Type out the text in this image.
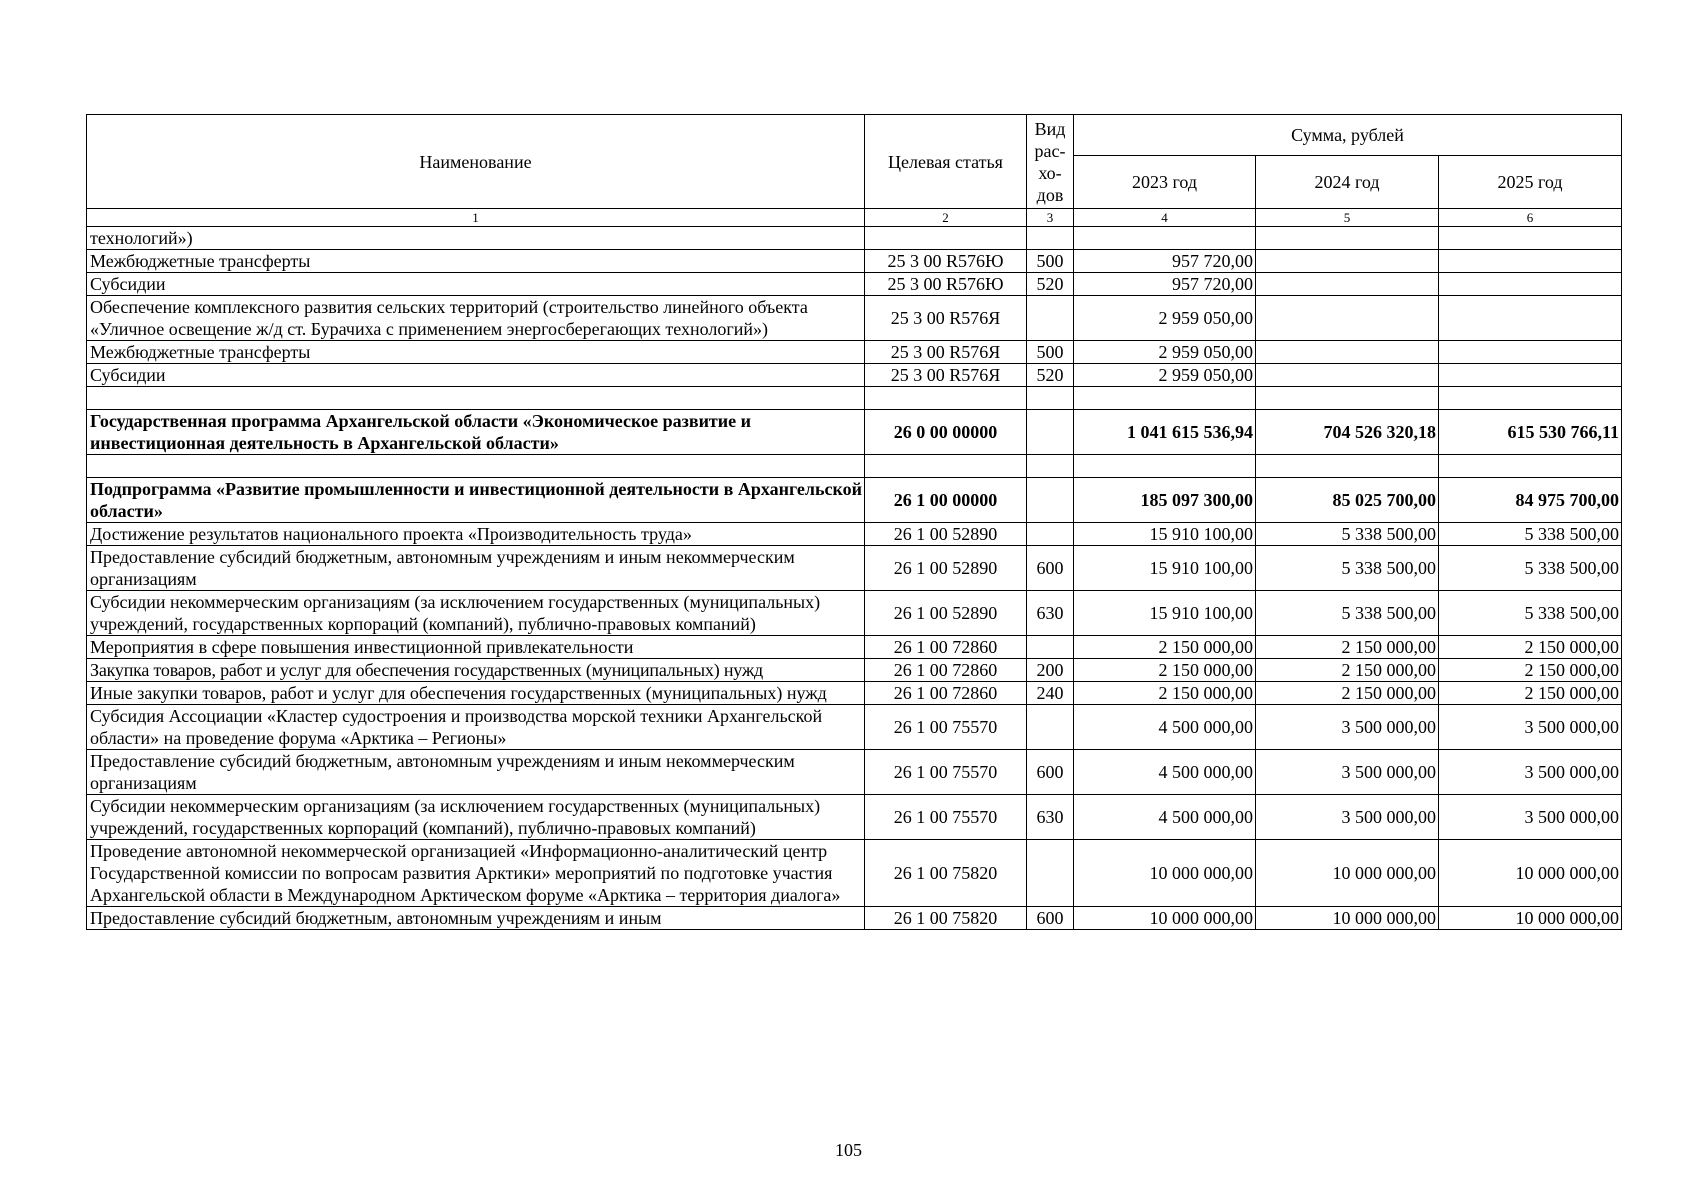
Наименование	Целевая статья	Вид рас-хо-дов	Сумма, рублей		
			2023 год	2024 год	2025 год
1	2	3	4	5	6
технологий»)					
Межбюджетные трансферты	25 3 00 R576Ю	500	957 720,00		
Субсидии	25 3 00 R576Ю	520	957 720,00		
Обеспечение комплексного развития сельских территорий (строительство линейного объекта «Уличное освещение ж/д ст. Бурачиха с применением энергосберегающих технологий»)	25 3 00 R576Я		2 959 050,00		
Межбюджетные трансферты	25 3 00 R576Я	500	2 959 050,00		
Субсидии	25 3 00 R576Я	520	2 959 050,00		

Государственная программа Архангельской области «Экономическое развитие и инвестиционная деятельность в Архангельской области»	26 0 00 00000		1 041 615 536,94	704 526 320,18	615 530 766,11

Подпрограмма «Развитие промышленности и инвестиционной деятельности в Архангельской области»	26 1 00 00000		185 097 300,00	85 025 700,00	84 975 700,00
Достижение результатов национального проекта «Производительность труда»	26 1 00 52890		15 910 100,00	5 338 500,00	5 338 500,00
Предоставление субсидий бюджетным, автономным учреждениям и иным некоммерческим организациям	26 1 00 52890	600	15 910 100,00	5 338 500,00	5 338 500,00
Субсидии некоммерческим организациям (за исключением государственных (муниципальных) учреждений, государственных корпораций (компаний), публично-правовых компаний)	26 1 00 52890	630	15 910 100,00	5 338 500,00	5 338 500,00
Мероприятия в сфере повышения инвестиционной привлекательности	26 1 00 72860		2 150 000,00	2 150 000,00	2 150 000,00
Закупка товаров, работ и услуг для обеспечения государственных (муниципальных) нужд	26 1 00 72860	200	2 150 000,00	2 150 000,00	2 150 000,00
Иные закупки товаров, работ и услуг для обеспечения государственных (муниципальных) нужд	26 1 00 72860	240	2 150 000,00	2 150 000,00	2 150 000,00
Субсидия Ассоциации «Кластер судостроения и производства морской техники Архангельской области» на проведение форума «Арктика – Регионы»	26 1 00 75570		4 500 000,00	3 500 000,00	3 500 000,00
Предоставление субсидий бюджетным, автономным учреждениям и иным некоммерческим организациям	26 1 00 75570	600	4 500 000,00	3 500 000,00	3 500 000,00
Субсидии некоммерческим организациям (за исключением государственных (муниципальных) учреждений, государственных корпораций (компаний), публично-правовых компаний)	26 1 00 75570	630	4 500 000,00	3 500 000,00	3 500 000,00
Проведение автономной некоммерческой организацией «Информационно-аналитический центр Государственной комиссии по вопросам развития Арктики» мероприятий по подготовке участия Архангельской области в Международном Арктическом форуме «Арктика – территория диалога»	26 1 00 75820		10 000 000,00	10 000 000,00	10 000 000,00
Предоставление субсидий бюджетным, автономным учреждениям и иным	26 1 00 75820	600	10 000 000,00	10 000 000,00	10 000 000,00
105
